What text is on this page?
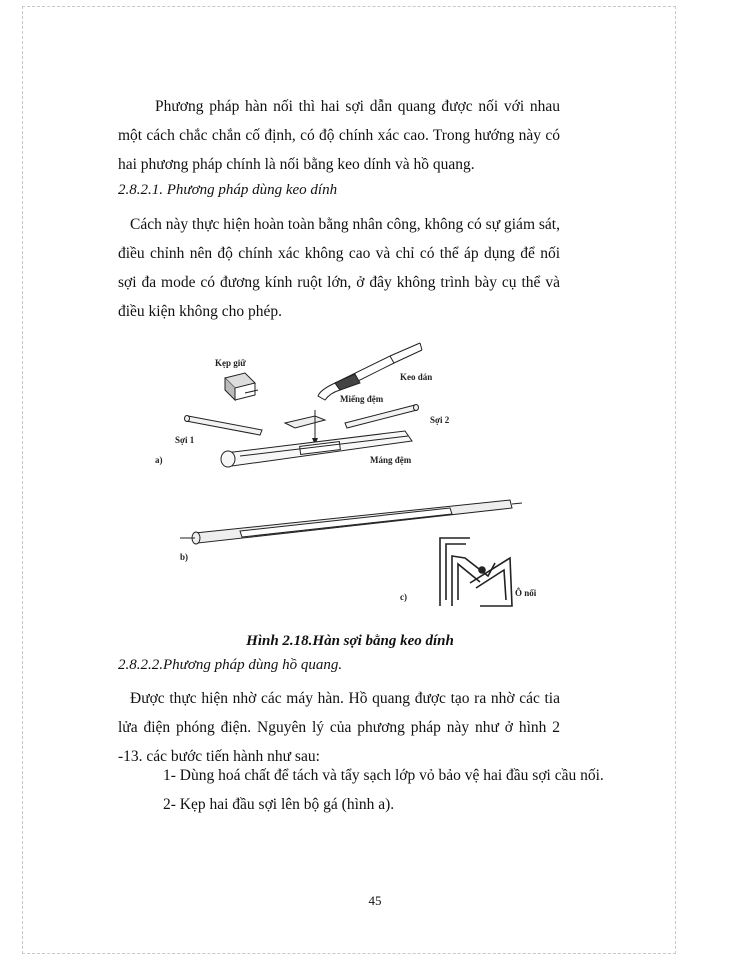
Phương pháp hàn nối thì hai sợi dẫn quang được nối với nhau một cách chắc chắn cố định, có độ chính xác cao. Trong hướng này có hai phương pháp chính là nối bằng keo dính và hồ quang.
2.8.2.1. Phương pháp dùng keo dính
Cách này thực hiện hoàn toàn bằng nhân công, không có sự giám sát, điều chỉnh nên độ chính xác không cao và chỉ có thể áp dụng để nối sợi đa mode có đương kính ruột lớn, ở đây không trình bày cụ thể và điều kiện không cho phép.
Kẹp giữ
Keo dán
Miếng đệm
Sợi 2
Sợi 1
a)	Máng đệm
b)
c)	Ô nối
Hình 2.18.Hàn sợi bằng keo dính
2.8.2.2.Phương pháp dùng hồ quang.
Được thực hiện nhờ các máy hàn. Hồ quang được tạo ra nhờ các tia lửa điện phóng điện. Nguyên lý của phương pháp này như ở hình 2 -13. các bước tiến hành như sau:
1- Dùng hoá chất để tách và tẩy sạch lớp vỏ bảo vệ hai đầu sợi cầu nối.
2- Kẹp hai đầu sợi lên bộ gá (hình a).
45
